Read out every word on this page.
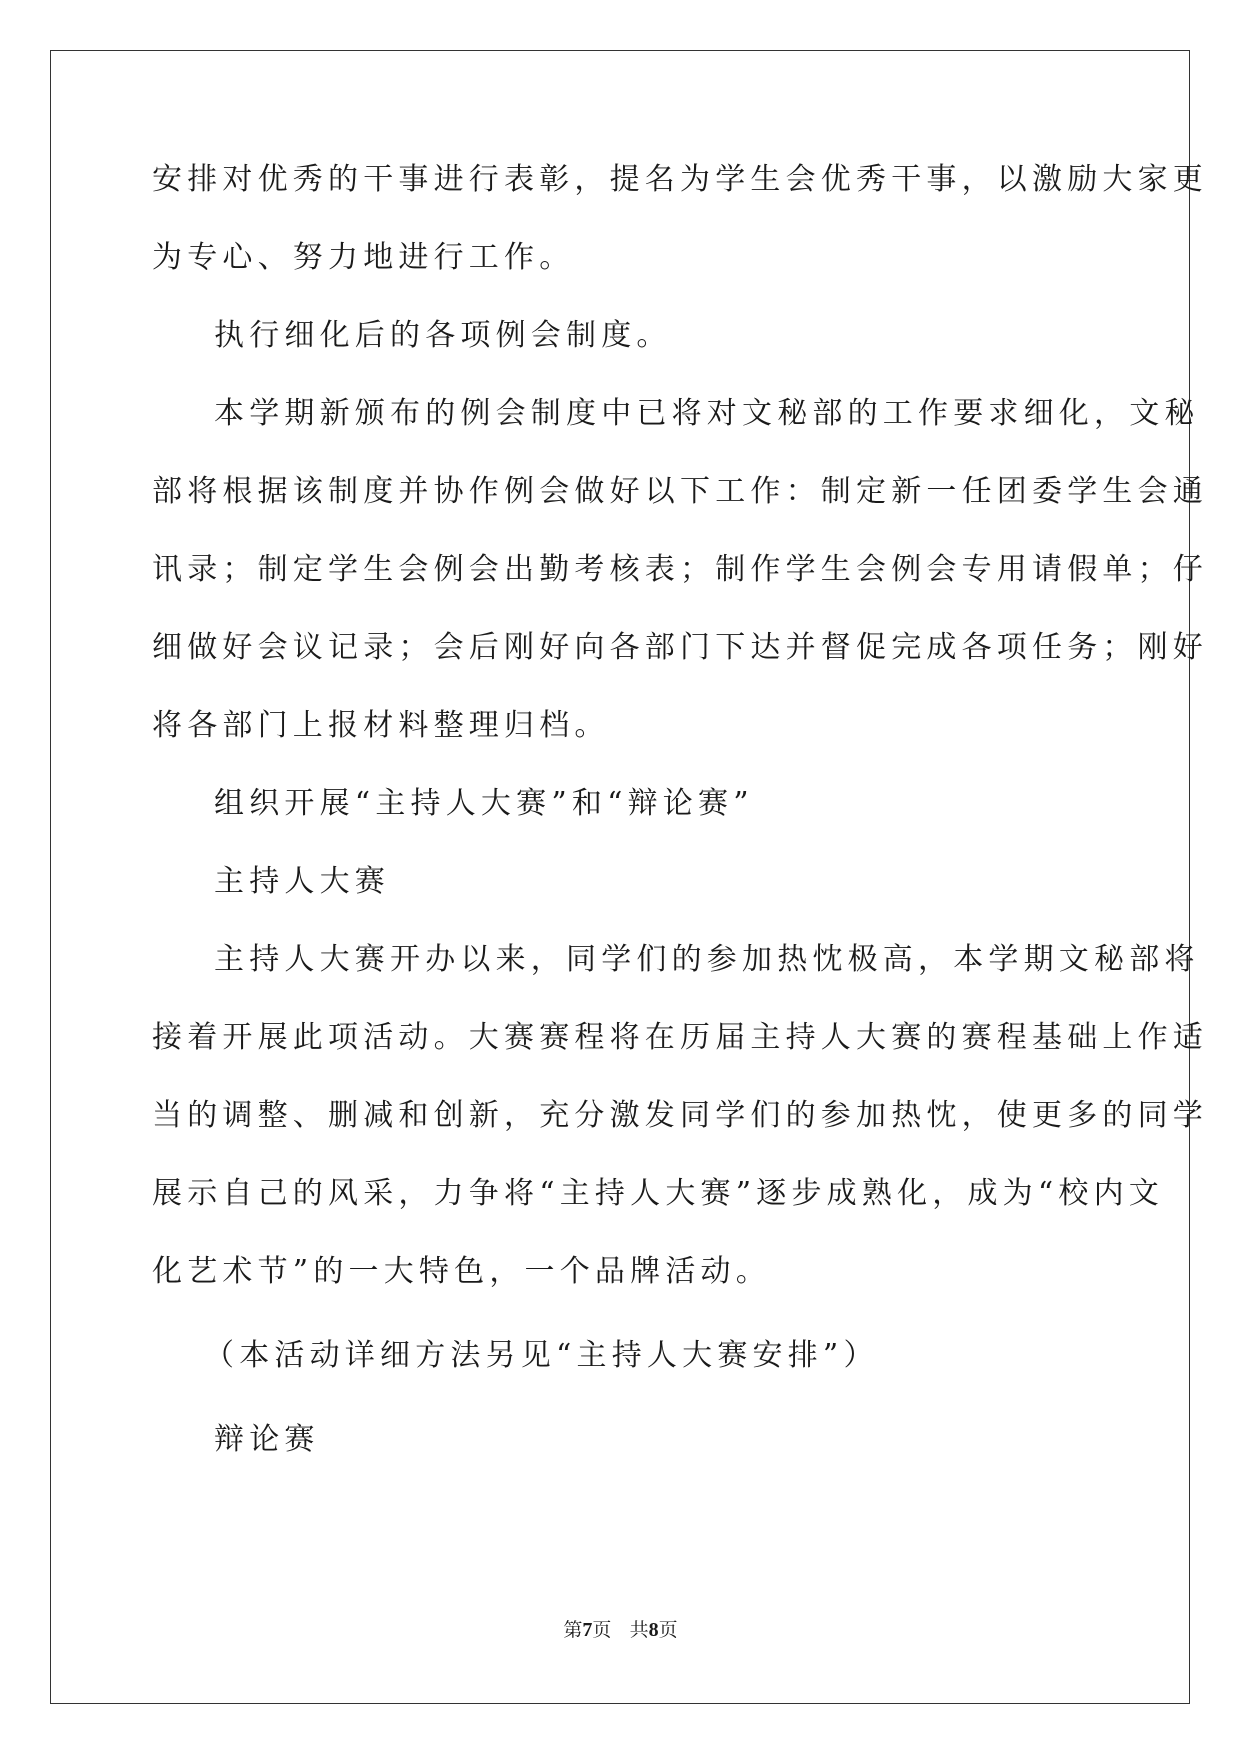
安排对优秀的干事进行表彰，提名为学生会优秀干事，以激励大家更
为专心、努力地进行工作。
执行细化后的各项例会制度。
本学期新颁布的例会制度中已将对文秘部的工作要求细化，文秘
部将根据该制度并协作例会做好以下工作：制定新一任团委学生会通
讯录；制定学生会例会出勤考核表；制作学生会例会专用请假单；仔
细做好会议记录；会后刚好向各部门下达并督促完成各项任务；刚好
将各部门上报材料整理归档。
组织开展“主持人大赛”和“辩论赛”
主持人大赛
主持人大赛开办以来，同学们的参加热忱极高，本学期文秘部将
接着开展此项活动。大赛赛程将在历届主持人大赛的赛程基础上作适
当的调整、删减和创新，充分激发同学们的参加热忱，使更多的同学
展示自己的风采，力争将“主持人大赛”逐步成熟化，成为“校内文
化艺术节”的一大特色，一个品牌活动。
（本活动详细方法另见“主持人大赛安排”）
辩论赛
第7页 共8页
